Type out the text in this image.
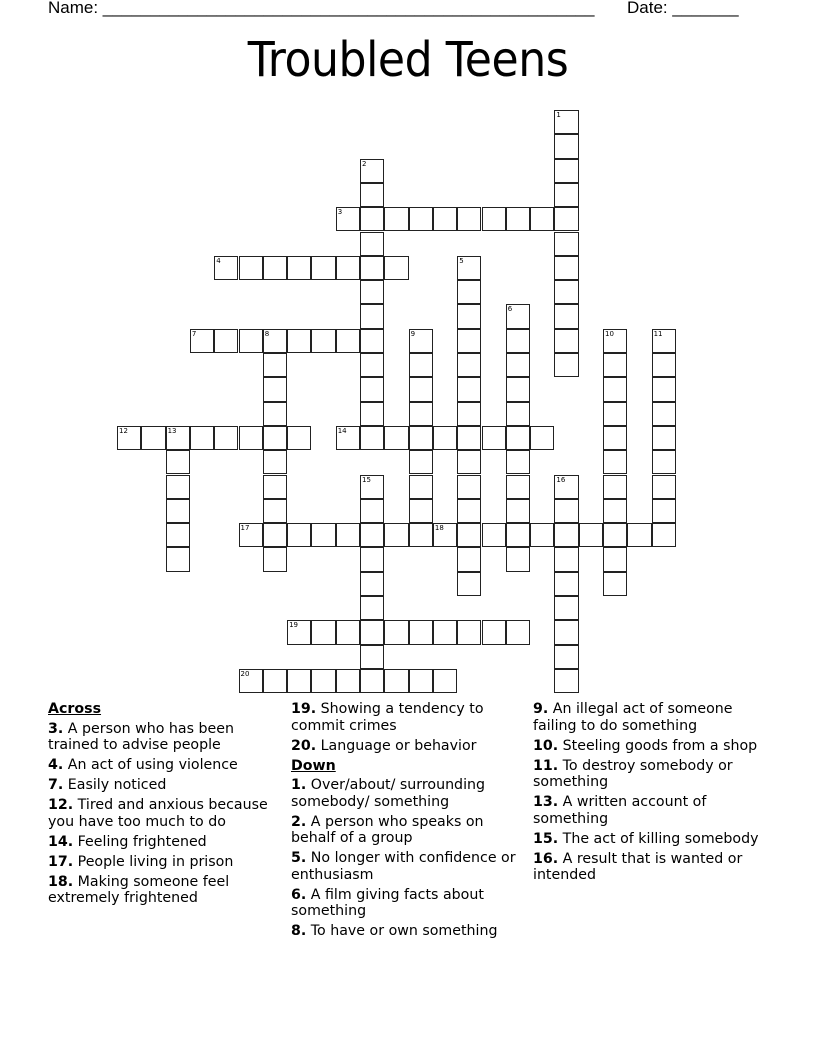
Name: ____________________________________________________ Date: _______
Troubled Teens
1
2
3
4	5
6
7	8	9	10	11
12	13	14
15	16
17	18
19
20
Across
3. A person who has been trained to advise people
4. An act of using violence
7. Easily noticed
12. Tired and anxious because you have too much to do
14. Feeling frightened
17. People living in prison
18. Making someone feel extremely frightened
19. Showing a tendency to commit crimes
20. Language or behavior
Down
1. Over/about/ surrounding somebody/ something
2. A person who speaks on behalf of a group
5. No longer with confidence or enthusiasm
6. A film giving facts about something
8. To have or own something
9. An illegal act of someone failing to do something
10. Steeling goods from a shop
11. To destroy somebody or something
13. A written account of something
15. The act of killing somebody
16. A result that is wanted or intended
